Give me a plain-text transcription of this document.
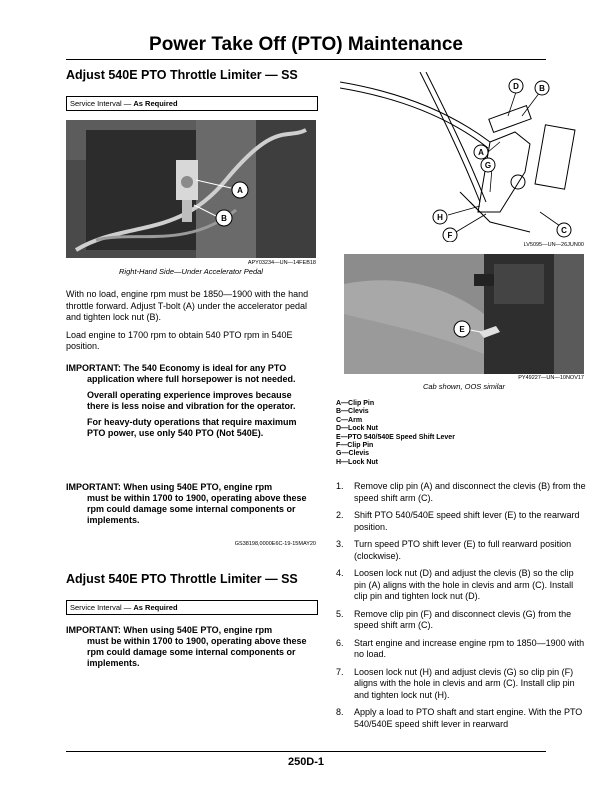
Power Take Off (PTO) Maintenance
Adjust 540E PTO Throttle Limiter — SS
Service Interval — As Required
A
B
APY03234—UN—14FEB18
Right-Hand Side—Under Accelerator Pedal

With no load, engine rpm must be 1850—1900 with the hand throttle forward. Adjust T-bolt (A) under the accelerator pedal and tighten lock nut (B).

Load engine to 1700 rpm to obtain 540 PTO rpm in 540E position.

IMPORTANT: The 540 Economy is ideal for any PTO
application where full horsepower is not needed.
Overall operating experience improves because there is less noise and vibration for the operator.
For heavy-duty operations that require maximum PTO power, use only 540 PTO (Not 540E).
IMPORTANT: When using 540E PTO, engine rpm
must be within 1700 to 1900, operating above these rpm could damage some internal components or implements.
GS38198,0000E6C-19-15MAY20
Adjust 540E PTO Throttle Limiter — SS
Service Interval — As Required
IMPORTANT: When using 540E PTO, engine rpm
must be within 1700 to 1900, operating above these rpm could damage some internal components or implements.
D	B
A
G
H
F
C
LV5095—UN—26JUN00
E
PY49227—UN—10NOV17
Cab shown, OOS similar
A—Clip Pin
B—Clevis
C—Arm
D—Lock Nut
E—PTO 540/540E Speed Shift Lever
F—Clip Pin
G—Clevis
H—Lock Nut
1. Remove clip pin (A) and disconnect the clevis (B) from the speed shift arm (C).
2. Shift PTO 540/540E speed shift lever (E) to the rearward position.
3. Turn speed PTO shift lever (E) to full rearward position (clockwise).
4. Loosen lock nut (D) and adjust the clevis (B) so the clip pin (A) aligns with the hole in clevis and arm (C). Install clip pin and tighten lock nut (D).
5. Remove clip pin (F) and disconnect clevis (G) from the speed shift arm (C).
6. Start engine and increase engine rpm to 1850—1900 with no load.
7. Loosen lock nut (H) and adjust clevis (G) so clip pin (F) aligns with the hole in clevis and arm (C). Install clip pin and tighten lock nut (H).
8. Apply a load to PTO shaft and start engine. With the PTO 540/540E speed shift lever in rearward
250D-1
